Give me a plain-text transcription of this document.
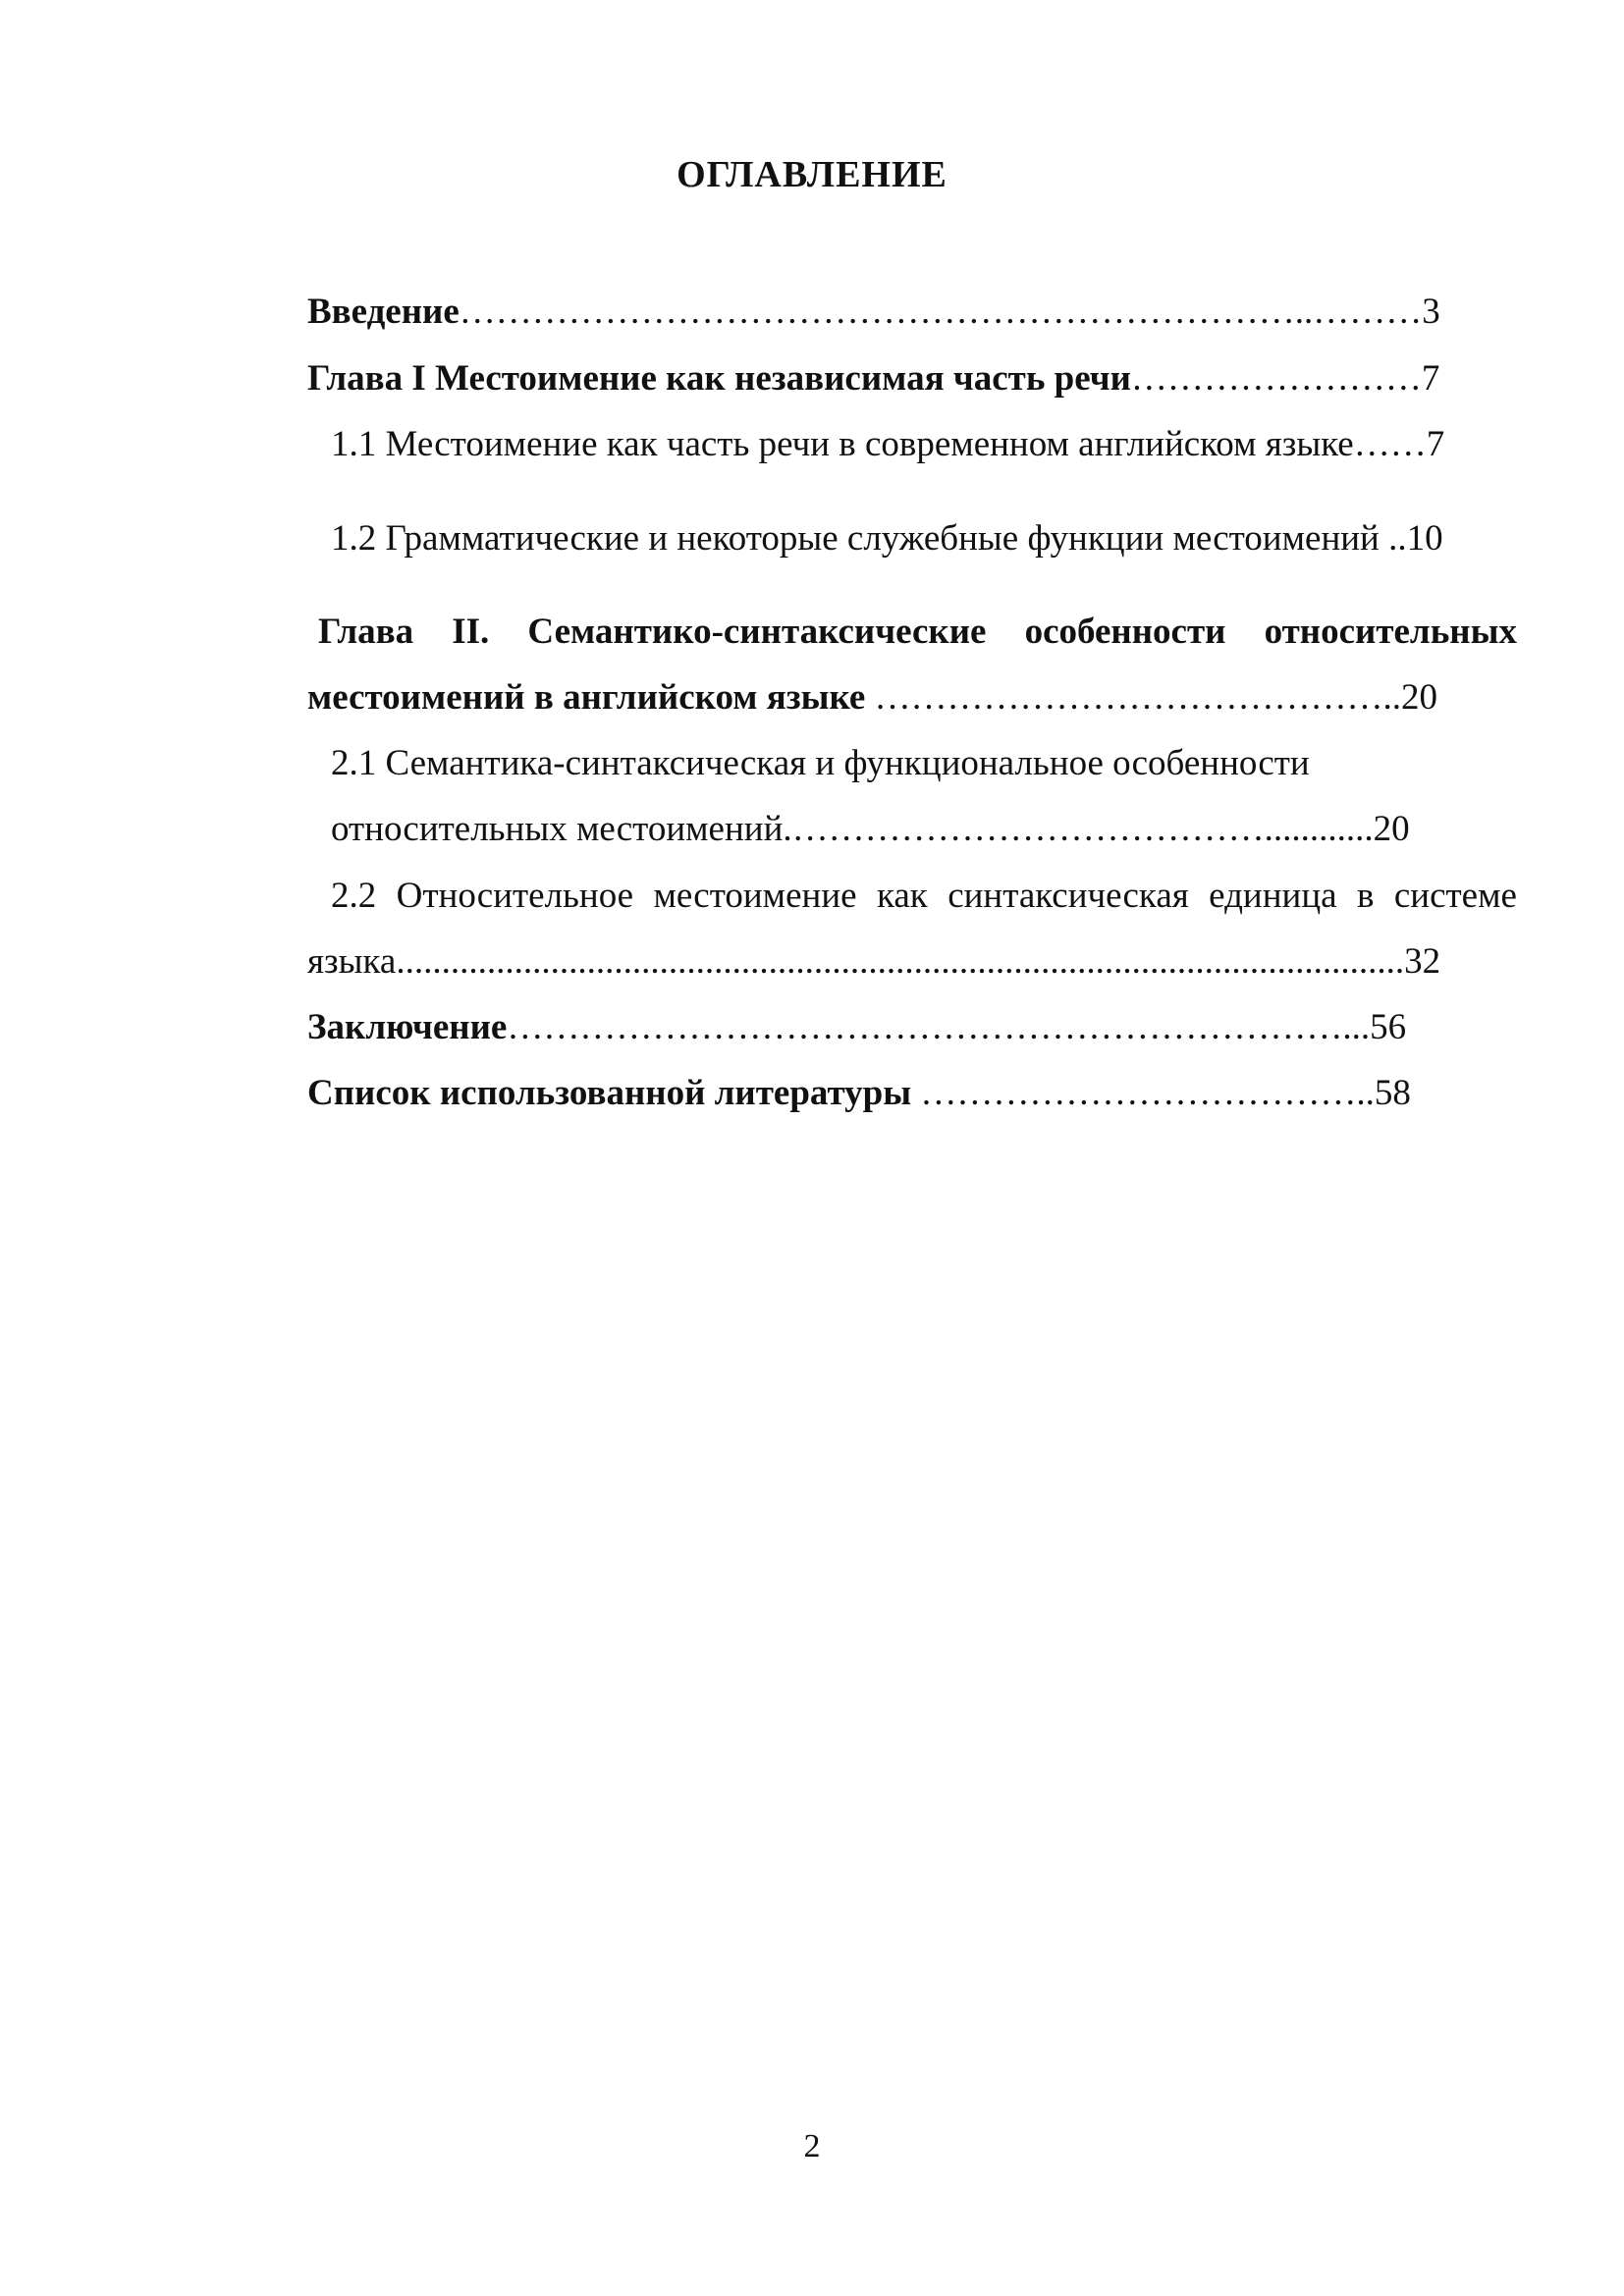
ОГЛАВЛЕНИЕ
Введение……………………………………………………………..………3
Глава I Местоимение как независимая часть речи……………………7
1.1 Местоимение как часть речи в современном английском языке……7
1.2 Грамматические и некоторые служебные функции местоимений ..10
Глава II. Семантико-синтаксические особенности относительных
местоимений в английском языке ……………………………………..20
2.1 Семантика-синтаксическая и функциональное особенности
относительных местоимений.…………………………………............20
2.2 Относительное местоимение как синтаксическая единица в системе
языка...............................................................................................................32
Заключение……………………………………………………………...56
Список использованной литературы ………………………………..58
2
